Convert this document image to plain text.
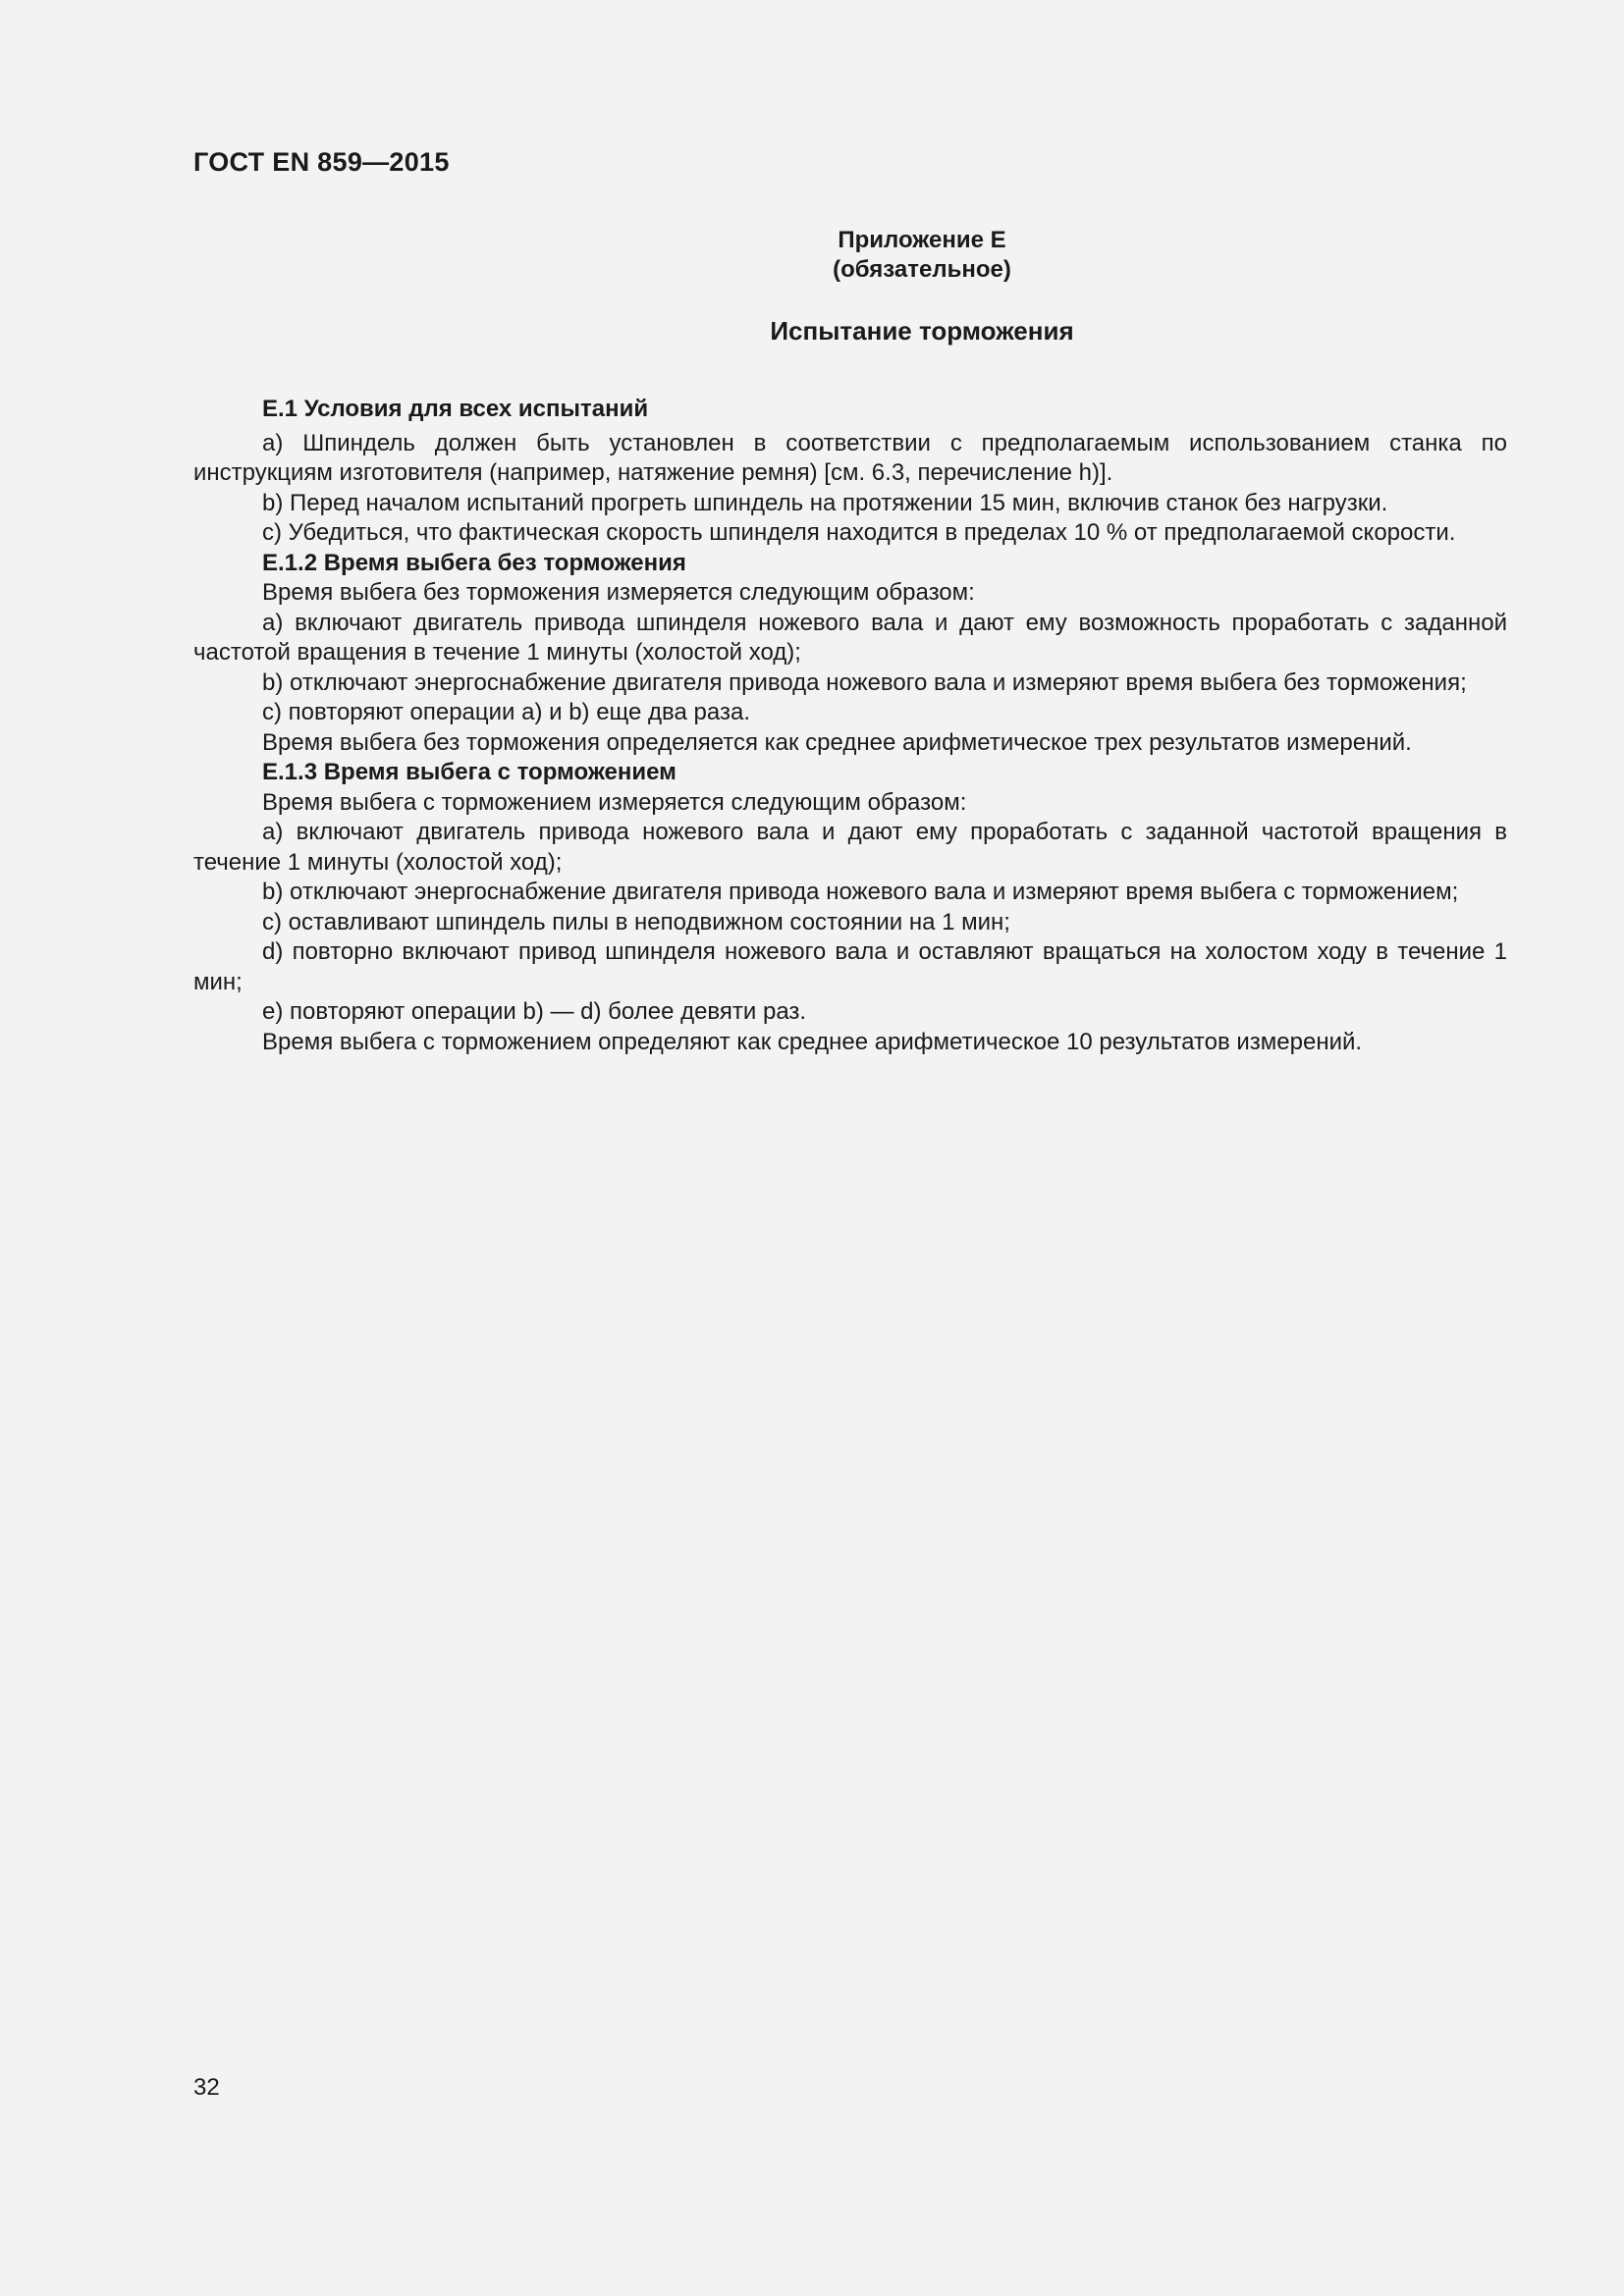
ГОСТ EN 859—2015
Приложение Е
(обязательное)
Испытание торможения

Е.1 Условия для всех испытаний

a) Шпиндель должен быть установлен в соответствии с предполагаемым использованием станка по инструкциям изготовителя (например, натяжение ремня) [см. 6.3, перечисление h)].

b) Перед началом испытаний прогреть шпиндель на протяжении 15 мин, включив станок без нагрузки.

c) Убедиться, что фактическая скорость шпинделя находится в пределах 10 % от предполагаемой скорости.

Е.1.2 Время выбега без торможения

Время выбега без торможения измеряется следующим образом:

a) включают двигатель привода шпинделя ножевого вала и дают ему возможность проработать с заданной частотой вращения в течение 1 минуты (холостой ход);

b) отключают энергоснабжение двигателя привода ножевого вала и измеряют время выбега без торможения;

c) повторяют операции a) и b) еще два раза.

Время выбега без торможения определяется как среднее арифметическое трех результатов измерений.

Е.1.3 Время выбега с торможением

Время выбега с торможением измеряется следующим образом:

a) включают двигатель привода ножевого вала и дают ему проработать с заданной частотой вращения в течение 1 минуты (холостой ход);

b) отключают энергоснабжение двигателя привода ножевого вала и измеряют время выбега с торможением;

c) оставливают шпиндель пилы в неподвижном состоянии на 1 мин;

d) повторно включают привод шпинделя ножевого вала и оставляют вращаться на холостом ходу в течение 1 мин;

e) повторяют операции b) — d) более девяти раз.

Время выбега с торможением определяют как среднее арифметическое 10 результатов измерений.

32
